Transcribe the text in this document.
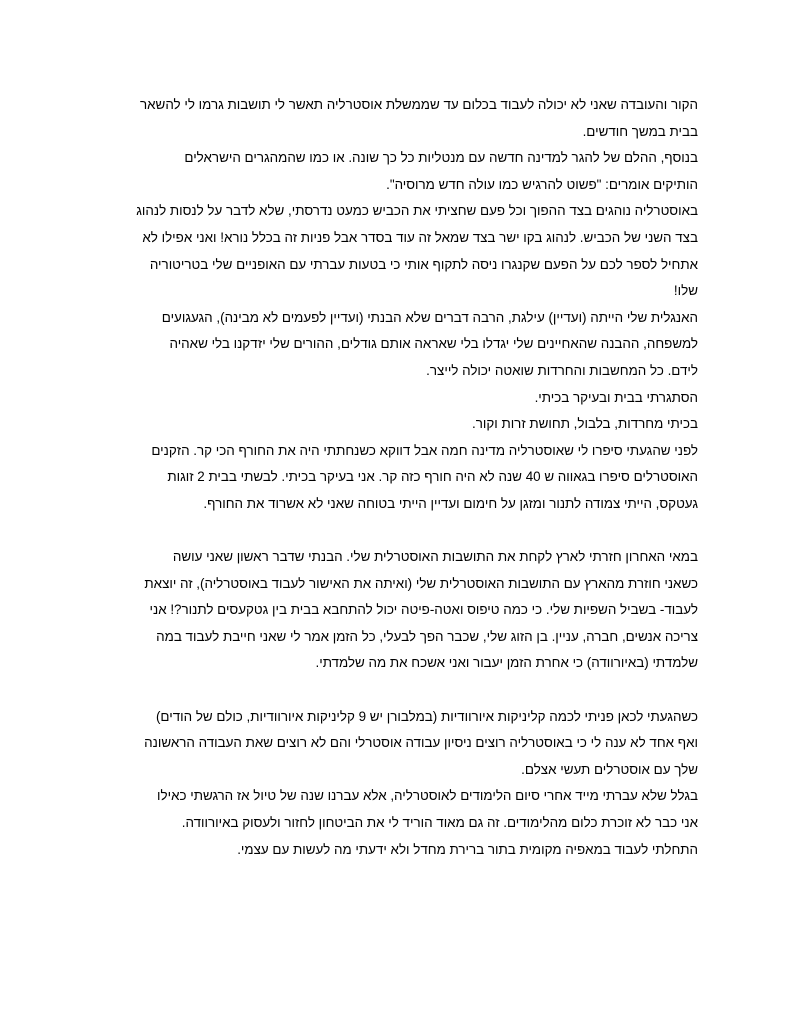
הקור והעובדה שאני לא יכולה לעבוד בכלום עד שממשלת אוסטרליה תאשר לי תושבות גרמו לי להשאר
בבית במשך חודשים.
בנוסף, ההלם של להגר למדינה חדשה עם מנטליות כל כך שונה. או כמו שהמהגרים הישראלים
הותיקים אומרים: "פשוט להרגיש כמו עולה חדש מרוסיה".
באוסטרליה נוהגים בצד ההפוך וכל פעם שחציתי את הכביש כמעט נדרסתי, שלא לדבר על לנסות לנהוג
בצד השני של הכביש. לנהוג בקו ישר בצד שמאל זה עוד בסדר אבל פניות זה בכלל נורא! ואני אפילו לא
אתחיל לספר לכם על הפעם שקנגרו ניסה לתקוף אותי כי בטעות עברתי עם האופניים שלי בטריטוריה
שלו!
האנגלית שלי הייתה (ועדיין) עילגת, הרבה דברים שלא הבנתי (ועדיין לפעמים לא מבינה), הגעגועים
למשפחה, ההבנה שהאחיינים שלי יגדלו בלי שאראה אותם גודלים, ההורים שלי יזדקנו בלי שאהיה
לידם. כל המחשבות והחרדות שואטה יכולה לייצר.
הסתגרתי בבית ובעיקר בכיתי.
בכיתי מחרדות, בלבול, תחושת זרות וקור.
לפני שהגעתי סיפרו לי שאוסטרליה מדינה חמה אבל דווקא כשנחתתי היה את החורף הכי קר. הזקנים
האוסטרלים סיפרו בגאווה ש 40 שנה לא היה חורף כזה קר. אני בעיקר בכיתי. לבשתי בבית 2 זוגות
געטקס, הייתי צמודה לתנור ומזגן על חימום ועדיין הייתי בטוחה שאני לא אשרוד את החורף.
במאי האחרון חזרתי לארץ לקחת את התושבות האוסטרלית שלי. הבנתי שדבר ראשון שאני עושה
כשאני חוזרת מהארץ עם התושבות האוסטרלית שלי (ואיתה את האישור לעבוד באוסטרליה), זה יוצאת
לעבוד- בשביל השפיות שלי. כי כמה טיפוס ואטה-פיטה יכול להתחבא בבית בין גטקעסים לתנור?! אני
צריכה אנשים, חברה, עניין. בן הזוג שלי, שכבר הפך לבעלי, כל הזמן אמר לי שאני חייבת לעבוד במה
שלמדתי (באיורוודה) כי אחרת הזמן יעבור ואני אשכח את מה שלמדתי.
כשהגעתי לכאן פניתי לכמה קליניקות איורוודיות (במלבורן יש 9 קליניקות איורוודיות, כולם של הודים)
ואף אחד לא ענה לי כי באוסטרליה רוצים ניסיון עבודה אוסטרלי והם לא רוצים שאת העבודה הראשונה
שלך עם אוסטרלים תעשי אצלם.
בגלל שלא עברתי מייד אחרי סיום הלימודים לאוסטרליה, אלא עברנו שנה של טיול אז הרגשתי כאילו
אני כבר לא זוכרת כלום מהלימודים. זה גם מאוד הוריד לי את הביטחון לחזור ולעסוק באיורוודה.
התחלתי לעבוד במאפיה מקומית בתור ברירת מחדל ולא ידעתי מה לעשות עם עצמי.
